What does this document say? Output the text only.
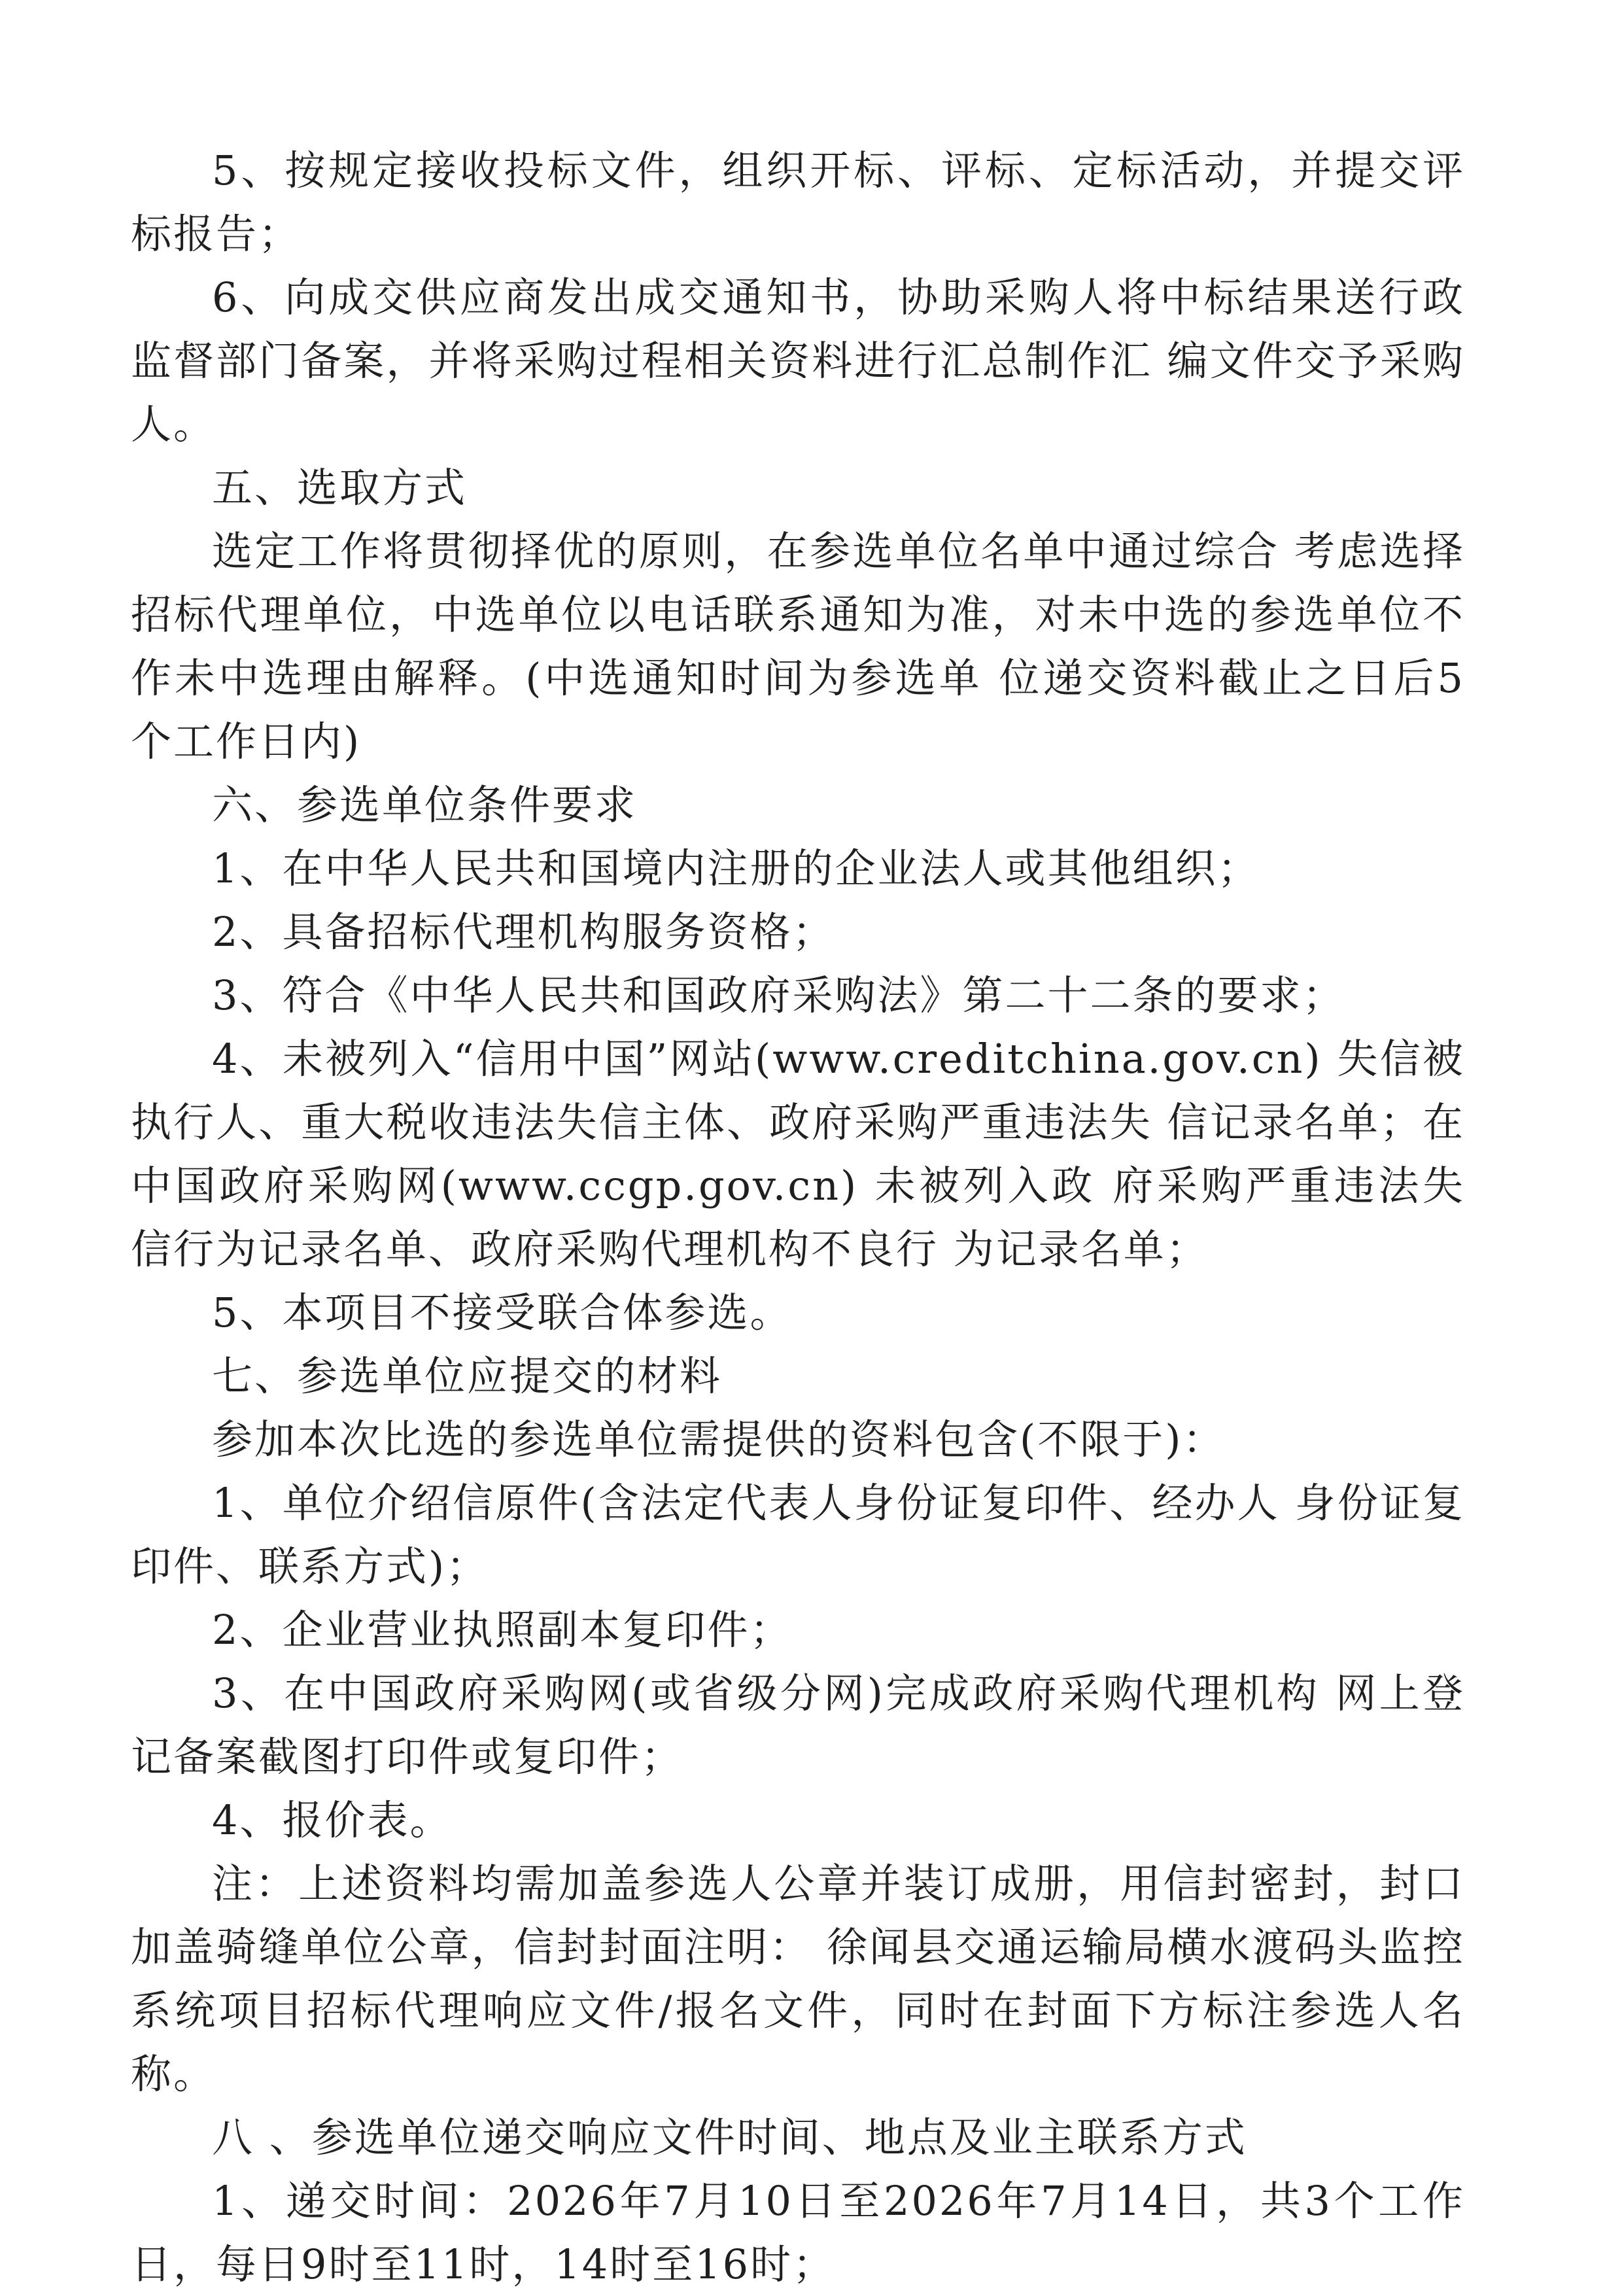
5、按规定接收投标文件，组织开标、评标、定标活动，并提交评标报告；

6、向成交供应商发出成交通知书，协助采购人将中标结果送行政监督部门备案，并将采购过程相关资料进行汇总制作汇 编文件交予采购人。

五、选取方式

选定工作将贯彻择优的原则，在参选单位名单中通过综合 考虑选择招标代理单位，中选单位以电话联系通知为准，对未中选的参选单位不作未中选理由解释。(中选通知时间为参选单 位递交资料截止之日后5个工作日内)

六、参选单位条件要求

1、在中华人民共和国境内注册的企业法人或其他组织；

2、具备招标代理机构服务资格；

3、符合《中华人民共和国政府采购法》第二十二条的要求；

4、未被列入“信用中国”网站(www.creditchina.gov.cn) 失信被执行人、重大税收违法失信主体、政府采购严重违法失 信记录名单；在中国政府采购网(www.ccgp.gov.cn) 未被列入政 府采购严重违法失信行为记录名单、政府采购代理机构不良行 为记录名单；

5、本项目不接受联合体参选。

七、参选单位应提交的材料

参加本次比选的参选单位需提供的资料包含(不限于)：

1、单位介绍信原件(含法定代表人身份证复印件、经办人 身份证复印件、联系方式)；

2、企业营业执照副本复印件；

3、在中国政府采购网(或省级分网)完成政府采购代理机构 网上登记备案截图打印件或复印件；

4、报价表。

注：上述资料均需加盖参选人公章并装订成册，用信封密封，封口加盖骑缝单位公章，信封封面注明： 徐闻县交通运输局横水渡码头监控系统项目招标代理响应文件/报名文件，同时在封面下方标注参选人名称。

八 、参选单位递交响应文件时间、地点及业主联系方式

1、递交时间：2026年7月10日至2026年7月14日，共3个工作日，每日9时至11时，14时至16时；
